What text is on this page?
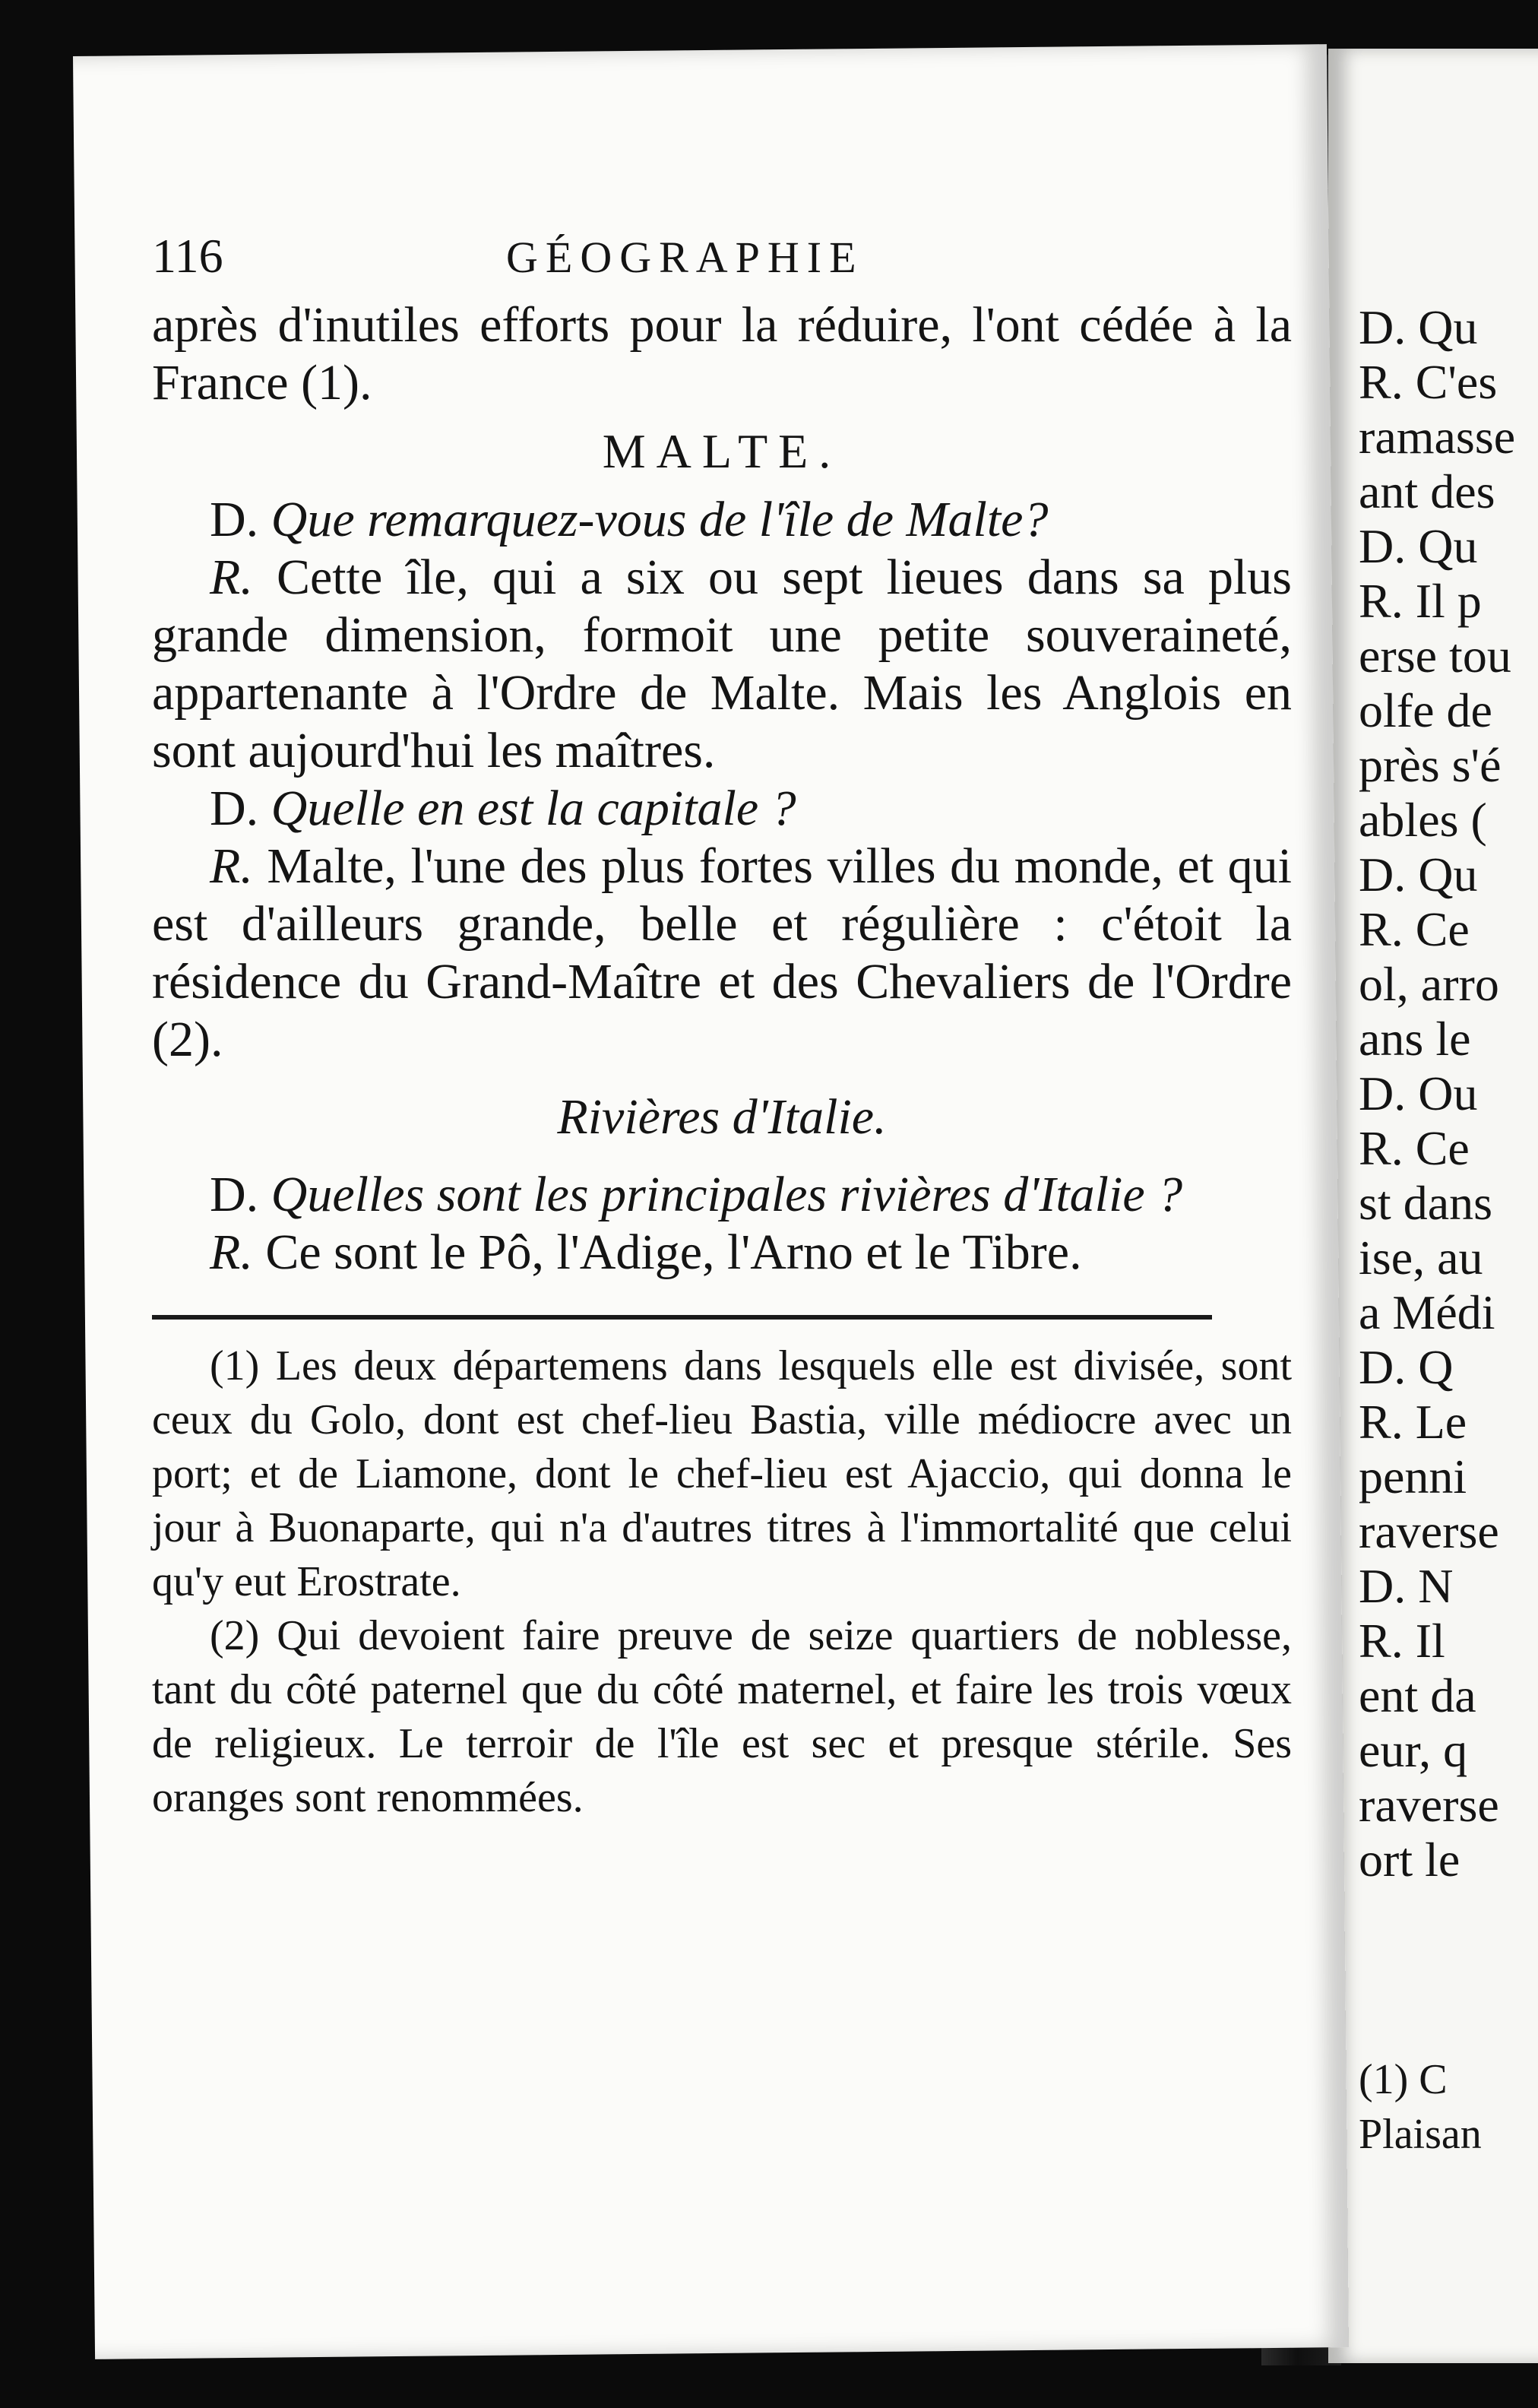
D. Qu
R. C'es
ramasse
ant des
D. Qu
R. Il p
erse tou
olfe de
près s'é
ables (
D. Qu
R. Ce
ol, arro
ans le
D. Ou
R. Ce
st dans
ise, au
a Médi
D. Q
R. Le
penni
raverse
D. N
R. Il
ent da
eur, q
raverse
ort le
(1) C
Plaisan
116	GÉOGRAPHIE

après d'inutiles efforts pour la réduire, l'ont cédée à la France (1).

MALTE.

D. Que remarquez-vous de l'île de Malte?

R. Cette île, qui a six ou sept lieues dans sa plus grande dimension, formoit une petite souveraineté, appartenante à l'Ordre de Malte. Mais les Anglois en sont aujourd'hui les maîtres.

D. Quelle en est la capitale ?

R. Malte, l'une des plus fortes villes du monde, et qui est d'ailleurs grande, belle et régulière : c'étoit la résidence du Grand-Maître et des Chevaliers de l'Ordre (2).

Rivières d'Italie.

D. Quelles sont les principales rivières d'Italie ?

R. Ce sont le Pô, l'Adige, l'Arno et le Tibre.

(1) Les deux départemens dans lesquels elle est divisée, sont ceux du Golo, dont est chef-lieu Bastia, ville médiocre avec un port; et de Liamone, dont le chef-lieu est Ajaccio, qui donna le jour à Buonaparte, qui n'a d'autres titres à l'immortalité que celui qu'y eut Erostrate.

(2) Qui devoient faire preuve de seize quartiers de noblesse, tant du côté paternel que du côté maternel, et faire les trois vœux de religieux. Le terroir de l'île est sec et presque stérile. Ses oranges sont renommées.
